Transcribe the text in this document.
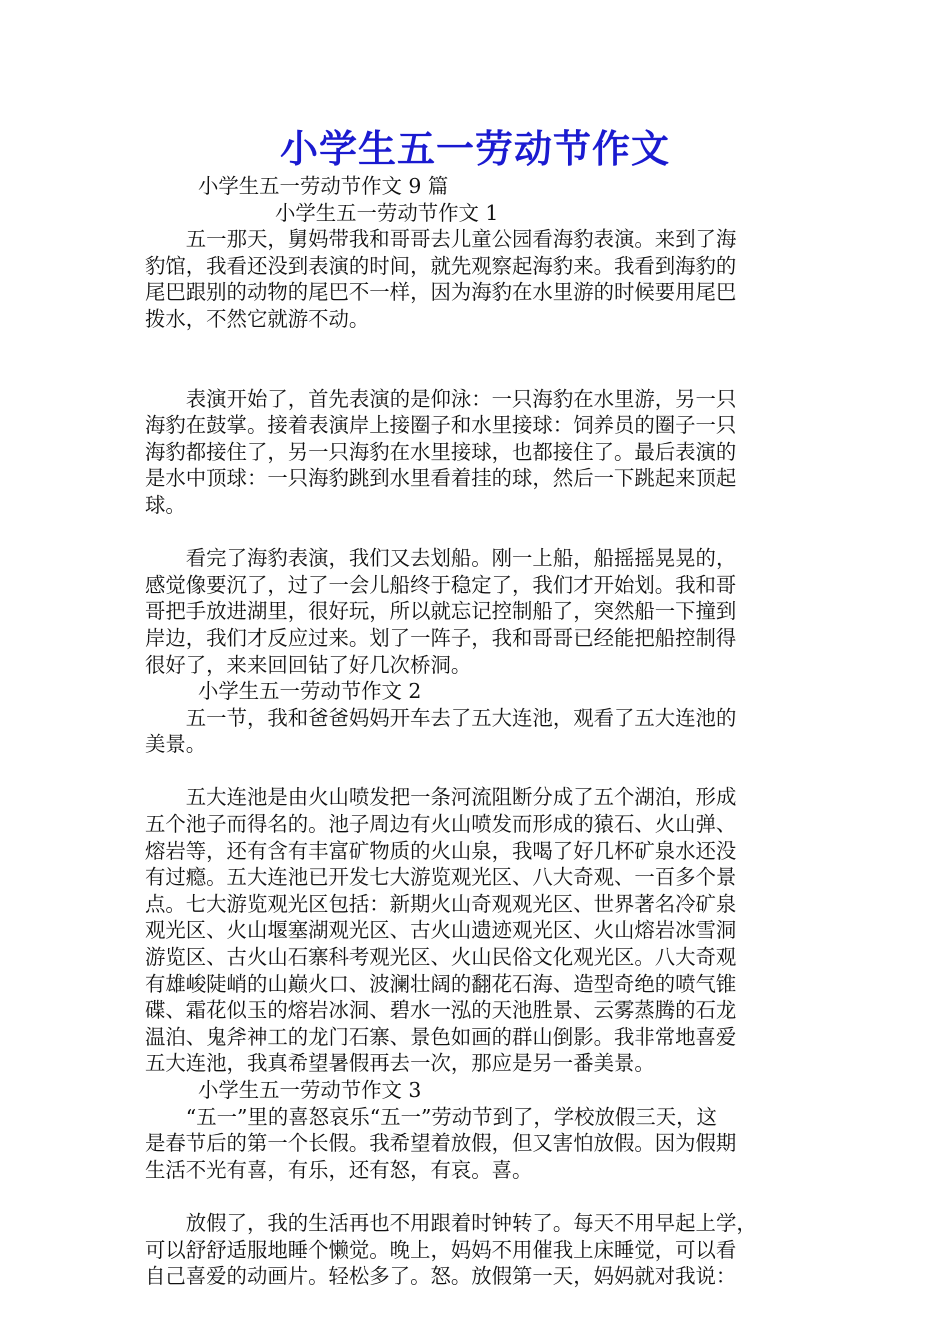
小学生五一劳动节作文
小学生五一劳动节作文 9 篇
小学生五一劳动节作文 1
五一那天，舅妈带我和哥哥去儿童公园看海豹表演。来到了海
豹馆，我看还没到表演的时间，就先观察起海豹来。我看到海豹的
尾巴跟别的动物的尾巴不一样，因为海豹在水里游的时候要用尾巴
拨水，不然它就游不动。
表演开始了，首先表演的是仰泳：一只海豹在水里游，另一只
海豹在鼓掌。接着表演岸上接圈子和水里接球：饲养员的圈子一只
海豹都接住了，另一只海豹在水里接球，也都接住了。最后表演的
是水中顶球：一只海豹跳到水里看着挂的球，然后一下跳起来顶起
球。
看完了海豹表演，我们又去划船。刚一上船，船摇摇晃晃的，
感觉像要沉了，过了一会儿船终于稳定了，我们才开始划。我和哥
哥把手放进湖里，很好玩，所以就忘记控制船了，突然船一下撞到
岸边，我们才反应过来。划了一阵子，我和哥哥已经能把船控制得
很好了，来来回回钻了好几次桥洞。
小学生五一劳动节作文 2
五一节，我和爸爸妈妈开车去了五大连池，观看了五大连池的
美景。
五大连池是由火山喷发把一条河流阻断分成了五个湖泊，形成
五个池子而得名的。池子周边有火山喷发而形成的猿石、火山弹、
熔岩等，还有含有丰富矿物质的火山泉，我喝了好几杯矿泉水还没
有过瘾。五大连池已开发七大游览观光区、八大奇观、一百多个景
点。七大游览观光区包括：新期火山奇观观光区、世界著名冷矿泉
观光区、火山堰塞湖观光区、古火山遗迹观光区、火山熔岩冰雪洞
游览区、古火山石寨科考观光区、火山民俗文化观光区。八大奇观
有雄峻陡峭的山巅火口、波澜壮阔的翻花石海、造型奇绝的喷气锥
碟、霜花似玉的熔岩冰洞、碧水一泓的天池胜景、云雾蒸腾的石龙
温泊、鬼斧神工的龙门石寨、景色如画的群山倒影。我非常地喜爱
五大连池，我真希望暑假再去一次，那应是另一番美景。
小学生五一劳动节作文 3
“五一”里的喜怒哀乐“五一”劳动节到了，学校放假三天，这
是春节后的第一个长假。我希望着放假，但又害怕放假。因为假期
生活不光有喜，有乐，还有怒，有哀。喜。
放假了，我的生活再也不用跟着时钟转了。每天不用早起上学，
可以舒舒适服地睡个懒觉。晚上，妈妈不用催我上床睡觉，可以看
自己喜爱的动画片。轻松多了。怒。放假第一天，妈妈就对我说：
